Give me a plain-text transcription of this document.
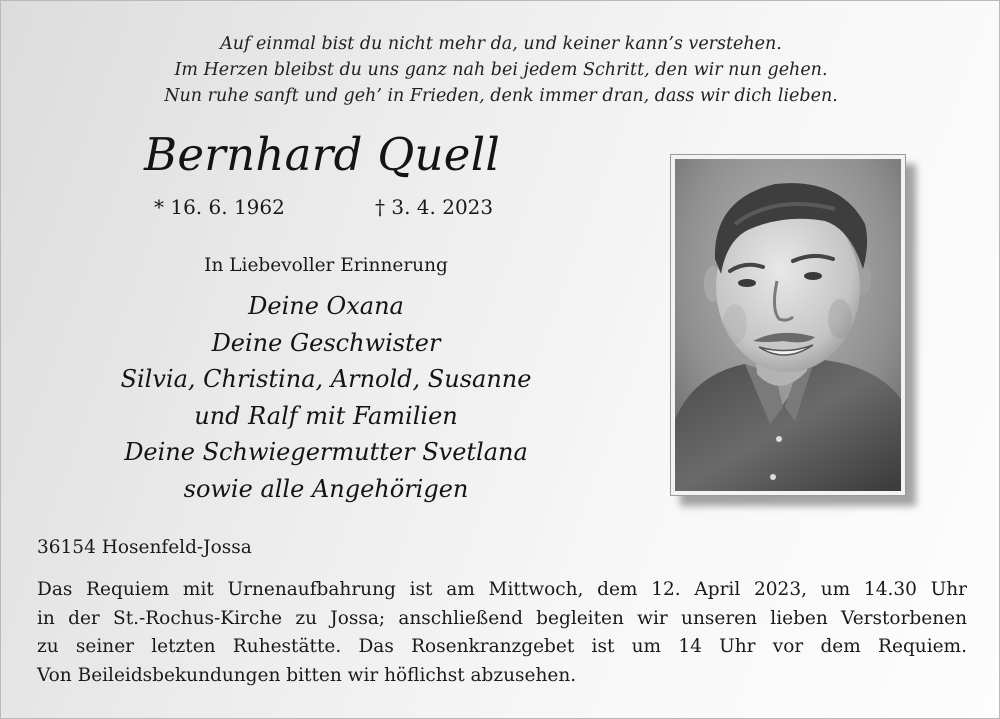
Auf einmal bist du nicht mehr da, und keiner kann’s verstehen.
Im Herzen bleibst du uns ganz nah bei jedem Schritt, den wir nun gehen.
Nun ruhe sanft und geh’ in Frieden, denk immer dran, dass wir dich lieben.
Bernhard Quell
* 16. 6. 1962	† 3. 4. 2023
In Liebevoller Erinnerung
Deine Oxana
Deine Geschwister
Silvia, Christina, Arnold, Susanne
und Ralf mit Familien
Deine Schwiegermutter Svetlana
sowie alle Angehörigen
36154 Hosenfeld-Jossa
Das Requiem mit Urnenaufbahrung ist am Mittwoch, dem 12. April 2023, um 14.30 Uhr
in der St.-Rochus-Kirche zu Jossa; anschließend begleiten wir unseren lieben Verstorbenen
zu seiner letzten Ruhestätte. Das Rosenkranzgebet ist um 14 Uhr vor dem Requiem.
Von Beileidsbekundungen bitten wir höflichst abzusehen.
